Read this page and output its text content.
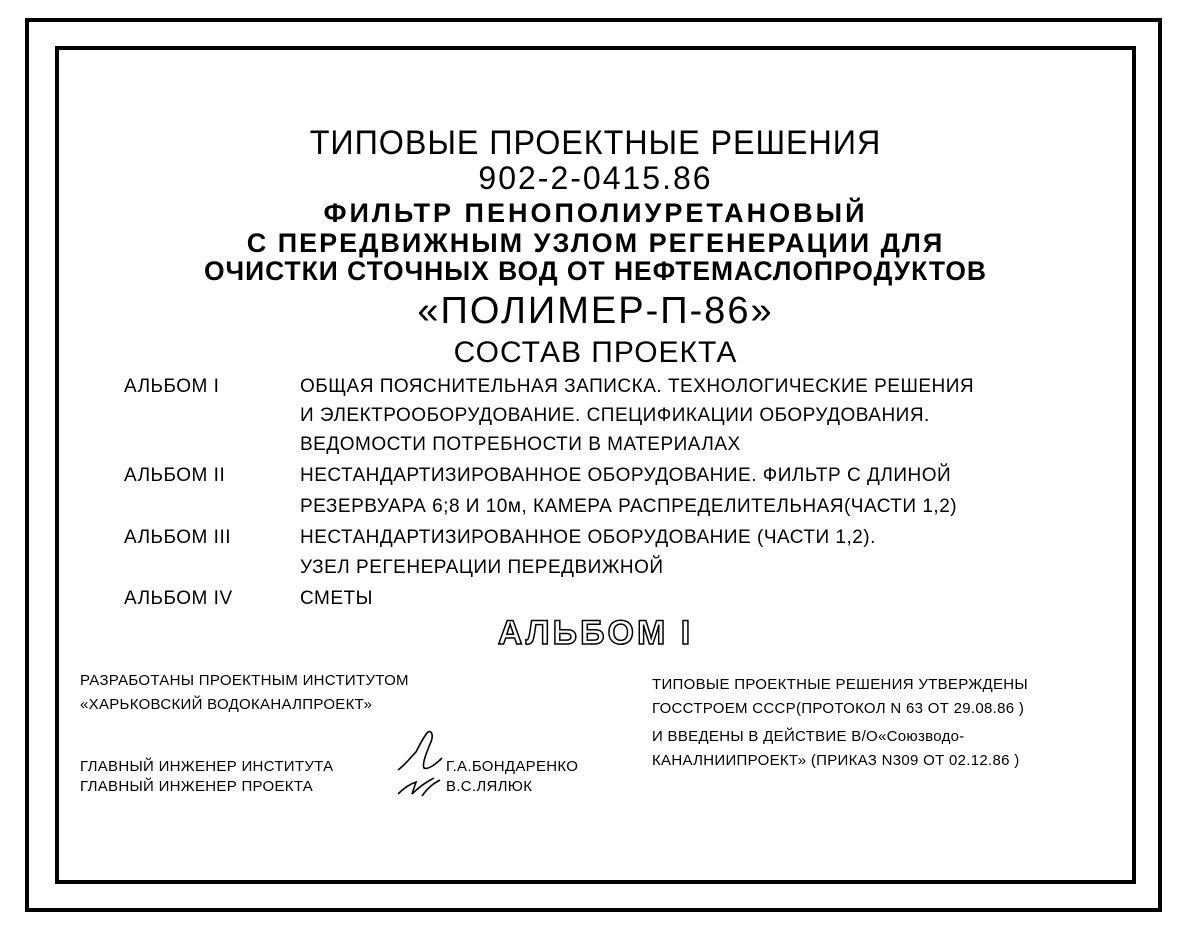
ТИПОВЫЕ ПРОЕКТНЫЕ РЕШЕНИЯ
902-2-0415.86
ФИЛЬТР ПЕНОПОЛИУРЕТАНОВЫЙ
С ПЕРЕДВИЖНЫМ УЗЛОМ РЕГЕНЕРАЦИИ ДЛЯ
ОЧИСТКИ СТОЧНЫХ ВОД ОТ НЕФТЕМАСЛОПРОДУКТОВ
«ПОЛИМЕР-П-86»
СОСТАВ ПРОЕКТА
АЛЬБОМ I	ОБЩАЯ ПОЯСНИТЕЛЬНАЯ ЗАПИСКА. ТЕХНОЛОГИЧЕСКИЕ РЕШЕНИЯ
И ЭЛЕКТРООБОРУДОВАНИЕ. СПЕЦИФИКАЦИИ ОБОРУДОВАНИЯ.
ВЕДОМОСТИ ПОТРЕБНОСТИ В МАТЕРИАЛАХ
АЛЬБОМ II	НЕСТАНДАРТИЗИРОВАННОЕ ОБОРУДОВАНИЕ. ФИЛЬТР С ДЛИНОЙ
РЕЗЕРВУАРА 6;8 И 10м, КАМЕРА РАСПРЕДЕЛИТЕЛЬНАЯ(ЧАСТИ 1,2)
АЛЬБОМ III	НЕСТАНДАРТИЗИРОВАННОЕ ОБОРУДОВАНИЕ (ЧАСТИ 1,2).
УЗЕЛ РЕГЕНЕРАЦИИ ПЕРЕДВИЖНОЙ
АЛЬБОМ IV	СМЕТЫ
АЛЬБОМ I
РАЗРАБОТАНЫ ПРОЕКТНЫМ ИНСТИТУТОМ
«ХАРЬКОВСКИЙ ВОДОКАНАЛПРОЕКТ»
ТИПОВЫЕ ПРОЕКТНЫЕ РЕШЕНИЯ УТВЕРЖДЕНЫ
ГОССТРОЕМ СССР(ПРОТОКОЛ N 63 ОТ 29.08.86 )
И ВВЕДЕНЫ В ДЕЙСТВИЕ В/О«Союзводо-
КАНАЛНИИПРОЕКТ» (ПРИКАЗ N309 ОТ 02.12.86 )
ГЛАВНЫЙ ИНЖЕНЕР ИНСТИТУТА	Г.А.БОНДАРЕНКО
ГЛАВНЫЙ ИНЖЕНЕР ПРОЕКТА	В.С.ЛЯЛЮК
